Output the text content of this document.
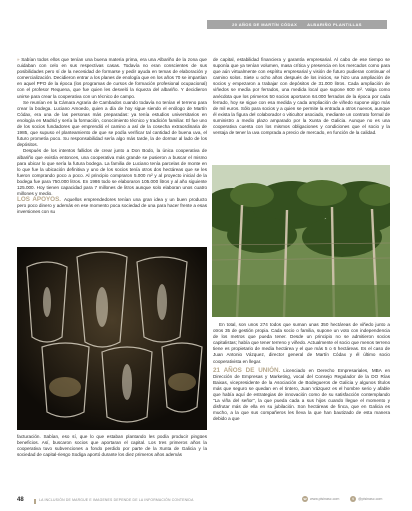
20 AÑOS DE MARTÍN CÓDAX	ALBARIÑO PLANTILLAS

» Sabían todos ellos que tenían una buena materia prima, era una Albariño de la zona que cuidaban con celo en sus respectivas casas. Todavía no eran conscientes de sus posibilidades pero sí de la necesidad de formarse y pedir ayuda en temas de elaboración y comercialización. Decidieron entrar a los planes de enología que en los años 70 se impartían en aquel PPO de la época (los programas de cursos de formación profesional ocupacional) con el profesor Requena, que fue quien les desveló la riqueza del albariño. Y decidieron unirse para crear la cooperativa con un técnico de campo.

Se reunían en la Cámara Agraria de Cambados cuando todavía no tenían el terreno para crear la bodega. Luciano Amoedo, quien a día de hoy sigue siendo el enólogo de Martín Códax, era una de las personas más preparadas: ya tenía estudios universitarios en enología en Madrid y sería la formación, conocimiento técnico y tradición familiar. El fue uno de los socios fundadores que emprendió el camino a así de la cosecha extraordinaria de 1985, que supuso el planteamiento de que se podía verificar tal cantidad de buena uva, el futuro prometía poco. Su responsabilidad sería algo más tarde, la de dormar al lado de los depósitos.

Después de los intentos fallidos de crear junto a Don Bodo, la única cooperativa de albariño que existía entonces, una cooperativa más grande se pusieron a buscar el mismo para ubicar lo que sería la futura bodega. La familia de Luciano tenía parcelas de monte en lo que fue la ubicación definitiva y uno de los socios tenía otros dos hectáreas que se les fueron comprando poco a poco. Al principio compraron 5.000 m² y al proyecto inicial de la bodega fue para 750.000 litros. En 1986 todo se elaboraron 105.000 litros y al año siguiente 125.000. Hoy tienen capacidad para 7 millones de litros aunque solo elaboran unos cuatro millones y medio.

LOS APOYOS. Aquellos emprendedores tenían una gran idea y un buen producto pero poco dinero y además en ese momento poca sociedad de una para hacer frente a esas inversiones con su

facturación. Sabían, eso sí, que lo que estaban plantando les podía producir pingües beneficios. Así, buscaron socios que aportaran el capital. Los tres primeros años la cooperativa tuvo subvenciones a fondo perdido por parte de la Xunta de Galicia y la sociedad de capital-riesgo Sodiga aportó durante los diez primeros años además

de capital, estabilidad financiera y garantía empresarial. Al cabo de ese tiempo se suponía que ya tenían volumen, masa crítica y presencia en los mercados como para que aún virtualmente con espíritu empresarial y visión de futuro pudieran continuar el camino solos. Siete u ocho años después de los inicios, se hizo una ampliación de socios y empezaron a trabajar con depósitos de 31.000 litros. Cada ampliación de viñedos se medía por ferrados, una medida local que supone 600 m². Valga como anécdota que los primeros 50 socios aportaron 64.000 ferrados de la época por cada ferrado, hoy se sigue con esa medida y cada ampliación de viñedo supone algo más de mil euros. Sólo para socios y a quien se permite la entrada a otros nuevos, aunque él exista la figura del colaborador o viticultor asociado, mediante un contrato formal de suministro a medio plazo amparado por la Xunta de Galicia. Aunque no es una cooperativa cuenta con los mismos obligaciones y condiciones que el socio y la ventaja de tener la uva comprada a precio de mercado, en función de la calidad.

En total, son unos 274 todos que suman unas 350 hectáreas de viñedo junto a otros 35 de gestión propia. Cada socio o familia, supone un voto con independencia de los metros que pueda tener. Desde un principio no se admitieron socios capitalistas; había que tener terreno y viñedo. Actualmente el socio que menos terreno tiene es propietario de media hectárea y el que más 5 o 6 hectáreas. Es el caso de Juan Antonio Vázquez, director general de Martín Códax y él último socio cooperativista en llegar.

21 AÑOS DE UNIÓN. Licenciado en Derecho Empresariales, MBA en Dirección de Empresas y Marketing, vocal del Consejo Regulador de la DO Rías Baixas, vicepresidente de la Asociación de Bodegueros de Galicia y algunos títulos más que seguro se quedan en el tintero, Juan Vázquez es el hombre serio y afable que había aquí de estrategias de innovación como de su satisfacción contemplando "La viña del señor", la que pueda cada a sus hijos cuando llegue el momento y disfrutar más de ella en su jubilación. Son hectáreas de finca, que en Galicia es mucho, a la que sus compañeros les lleva la que han bautizado de esta manera debido a que

48	LA INCLUSIÓN DE MARGUE E IMAGENES DEPENDE DE LA INFORMACIÓN CONTENIDA	w www.pisinasc.com	t	@pisinasc.com
